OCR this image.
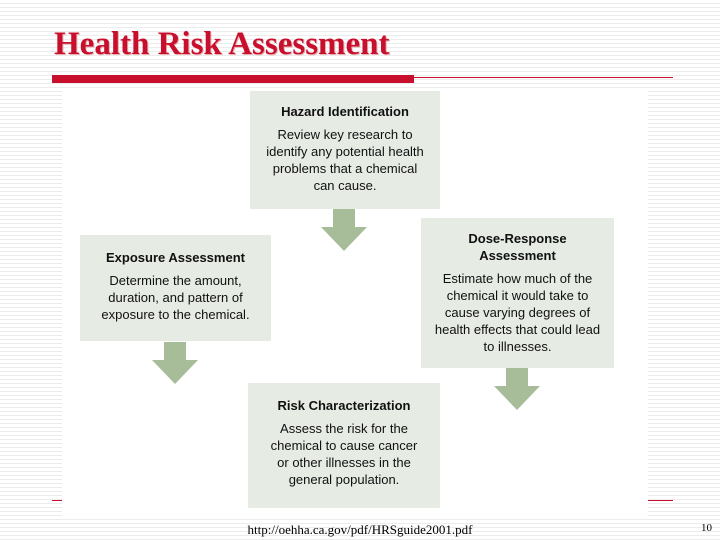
Health Risk Assessment
Hazard Identification
Review key research to identify any potential health problems that a chemical can cause.
Dose-Response Assessment
Estimate how much of the chemical it would take to cause varying degrees of health effects that could lead to illnesses.
Exposure Assessment
Determine the amount, duration, and pattern of exposure to the chemical.
Risk Characterization
Assess the risk for the chemical to cause cancer or other illnesses in the general population.
http://oehha.ca.gov/pdf/HRSguide2001.pdf	10
